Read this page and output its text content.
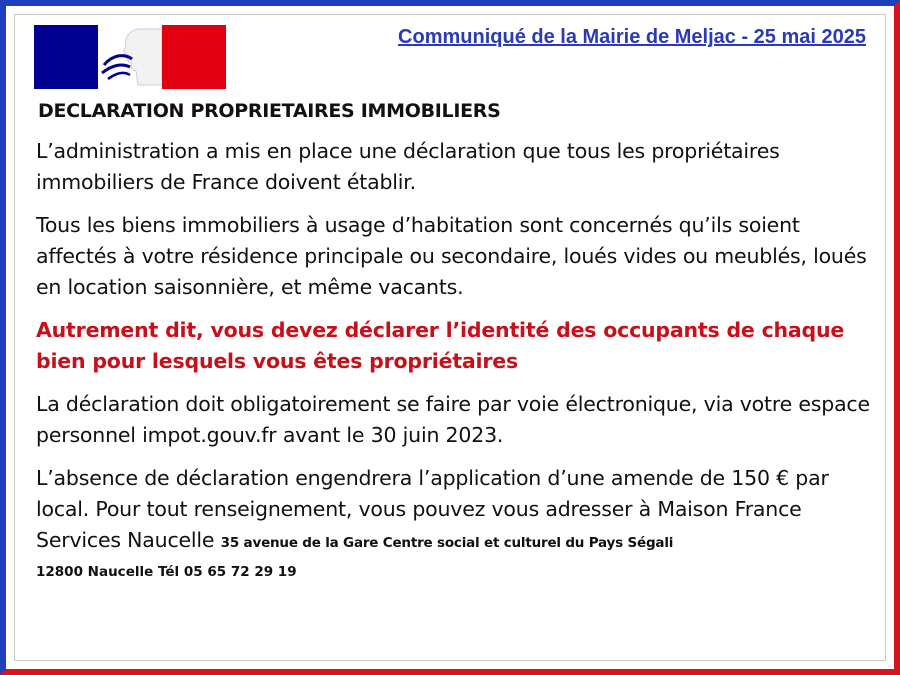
Communiqué de la Mairie de Meljac - 25 mai 2025
DECLARATION PROPRIETAIRES IMMOBILIERS
L’administration a mis en place une déclaration que tous les propriétaires immobiliers de France doivent établir.
Tous les biens immobiliers à usage d’habitation sont concernés qu’ils soient affectés à votre résidence principale ou secondaire, loués vides ou meublés, loués en location saisonnière, et même vacants.
Autrement dit, vous devez déclarer l’identité des occupants de chaque bien pour lesquels vous êtes propriétaires
La déclaration doit obligatoirement se faire par voie électronique, via votre espace personnel impot.gouv.fr avant le 30 juin 2023.
L’absence de déclaration engendrera l’application d’une amende de 150 € par local. Pour tout renseignement, vous pouvez vous adresser à Maison France Services Naucelle 35 avenue de la Gare Centre social et culturel du Pays Ségali
12800 Naucelle Tél 05 65 72 29 19
